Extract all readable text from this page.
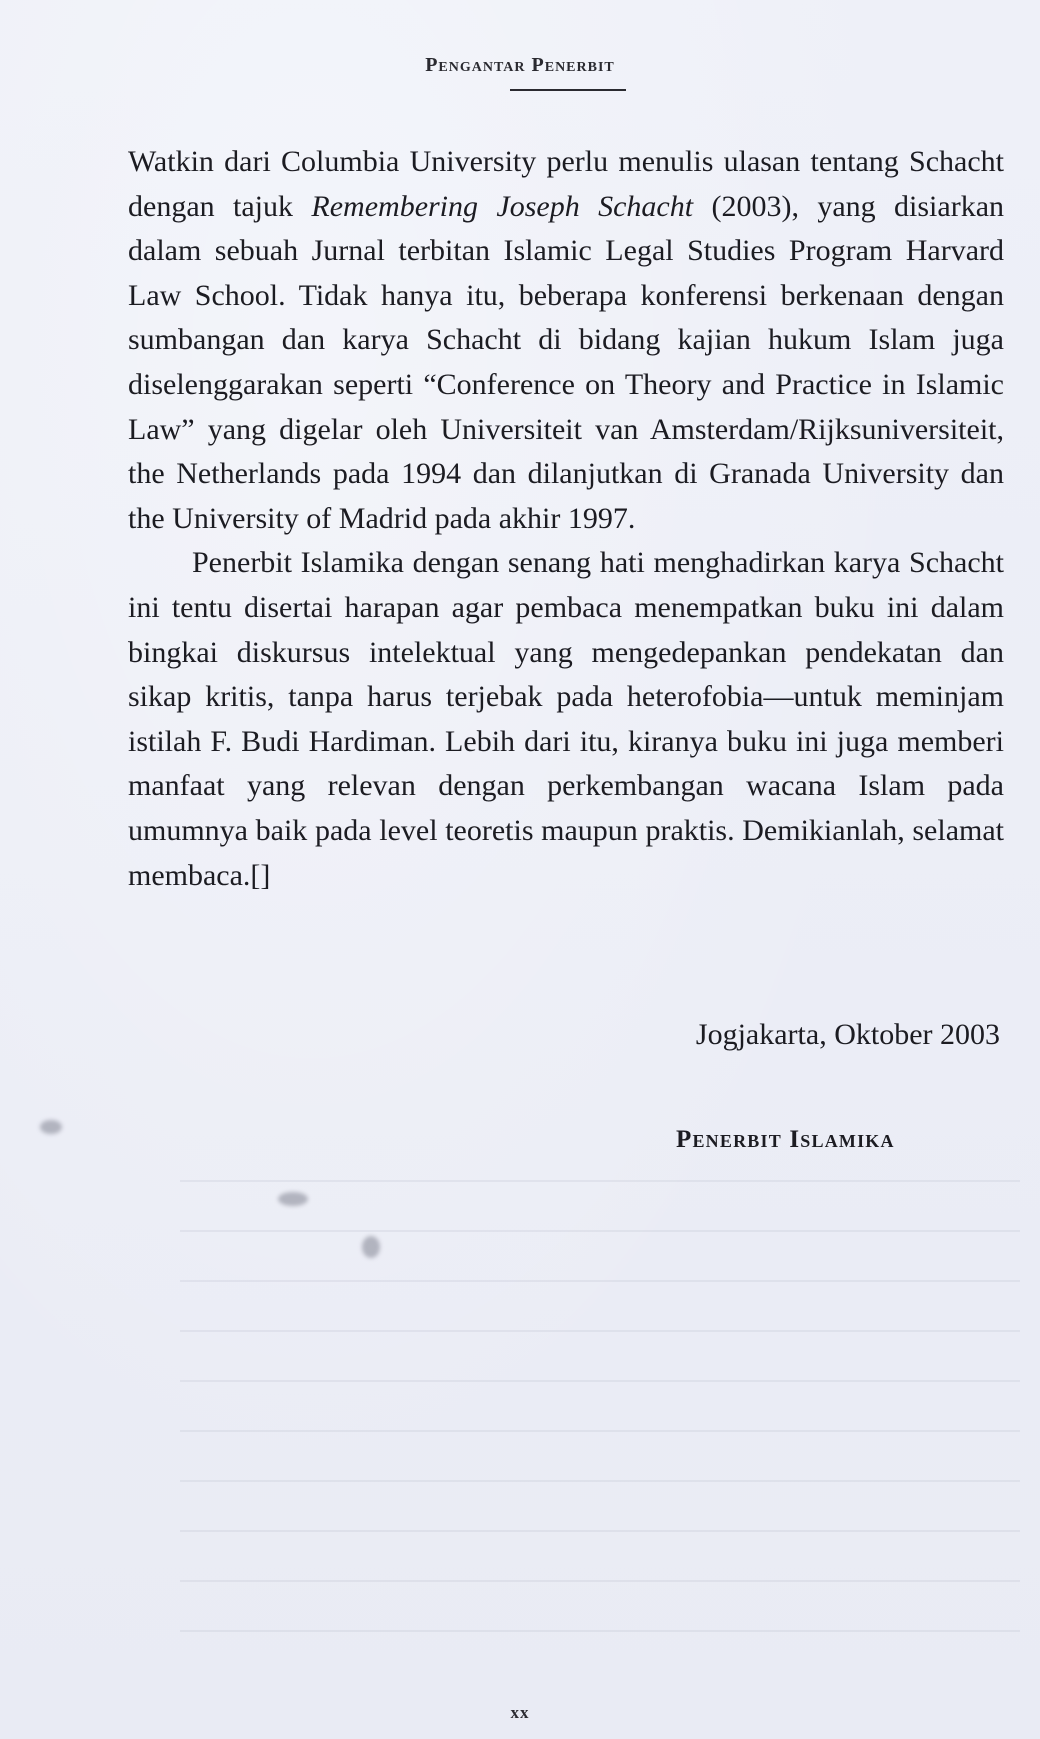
Pengantar Penerbit

Watkin dari Columbia University perlu menulis ulasan tentang Schacht dengan tajuk Remembering Joseph Schacht (2003), yang disiarkan dalam sebuah Jurnal terbitan Islamic Legal Studies Program Harvard Law School. Tidak hanya itu, beberapa konferensi berkenaan dengan sumbangan dan karya Schacht di bidang kajian hukum Islam juga diselenggarakan seperti “Conference on Theory and Practice in Islamic Law” yang digelar oleh Universiteit van Amsterdam/Rijksuniversiteit, the Netherlands pada 1994 dan dilanjutkan di Granada University dan the University of Madrid pada akhir 1997.

Penerbit Islamika dengan senang hati menghadirkan karya Schacht ini tentu disertai harapan agar pembaca menempatkan buku ini dalam bingkai diskursus intelektual yang mengedepankan pendekatan dan sikap kritis, tanpa harus terjebak pada heterofobia—untuk meminjam istilah F. Budi Hardiman. Lebih dari itu, kiranya buku ini juga memberi manfaat yang relevan dengan perkembangan wacana Islam pada umumnya baik pada level teoretis maupun praktis. Demikianlah, selamat membaca.[]

Jogjakarta, Oktober 2003
Penerbit Islamika
xx
